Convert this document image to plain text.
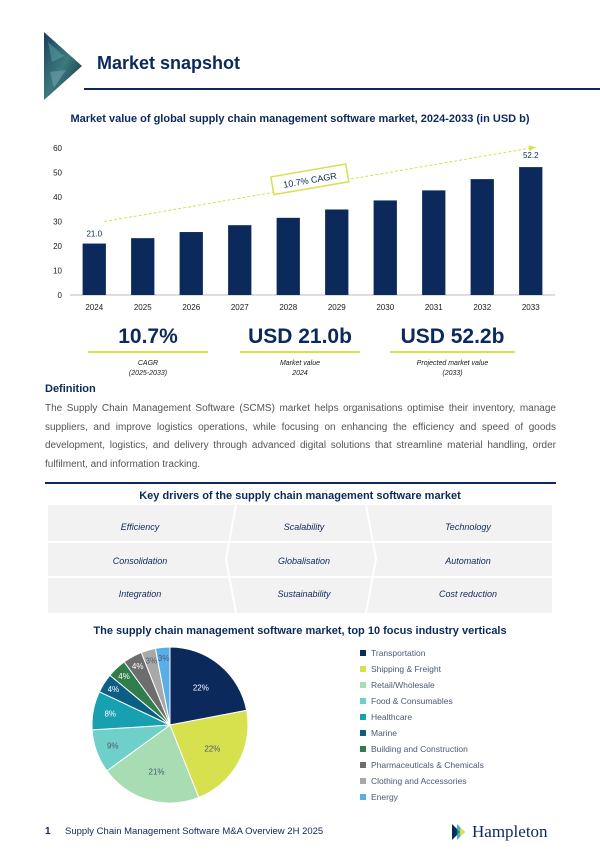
Market snapshot
Market value of global supply chain management software market, 2024-2033 (in USD b)
0
10
20
30
40
50
60
2024	2025	2026	2027	2028	2029	2030	2031	2032	2033
21.0
52.2
10.7% CAGR
10.7%
CAGR
(2025-2033)
USD 21.0b
Market value
2024
USD 52.2b
Projected market value
(2033)
Definition
The Supply Chain Management Software (SCMS) market helps organisations optimise their inventory, manage suppliers, and improve logistics operations, while focusing on enhancing the efficiency and speed of goods development, logistics, and delivery through advanced digital solutions that streamline material handling, order fulfilment, and information tracking.
Key drivers of the supply chain management software market
Efficiency	Scalability	Technology
Consolidation	Globalisation	Automation
Integration	Sustainability	Cost reduction
The supply chain management software market, top 10 focus industry verticals
22%
22%
21%
9%
8%
4%
4%
4%
3% 3%
Transportation
Shipping & Freight
Retail/Wholesale
Food & Consumables
Healthcare
Marine
Building and Construction
Pharmaceuticals & Chemicals
Clothing and Accessories
Energy
1 Supply Chain Management Software M&A Overview 2H 2025	Hampleton
